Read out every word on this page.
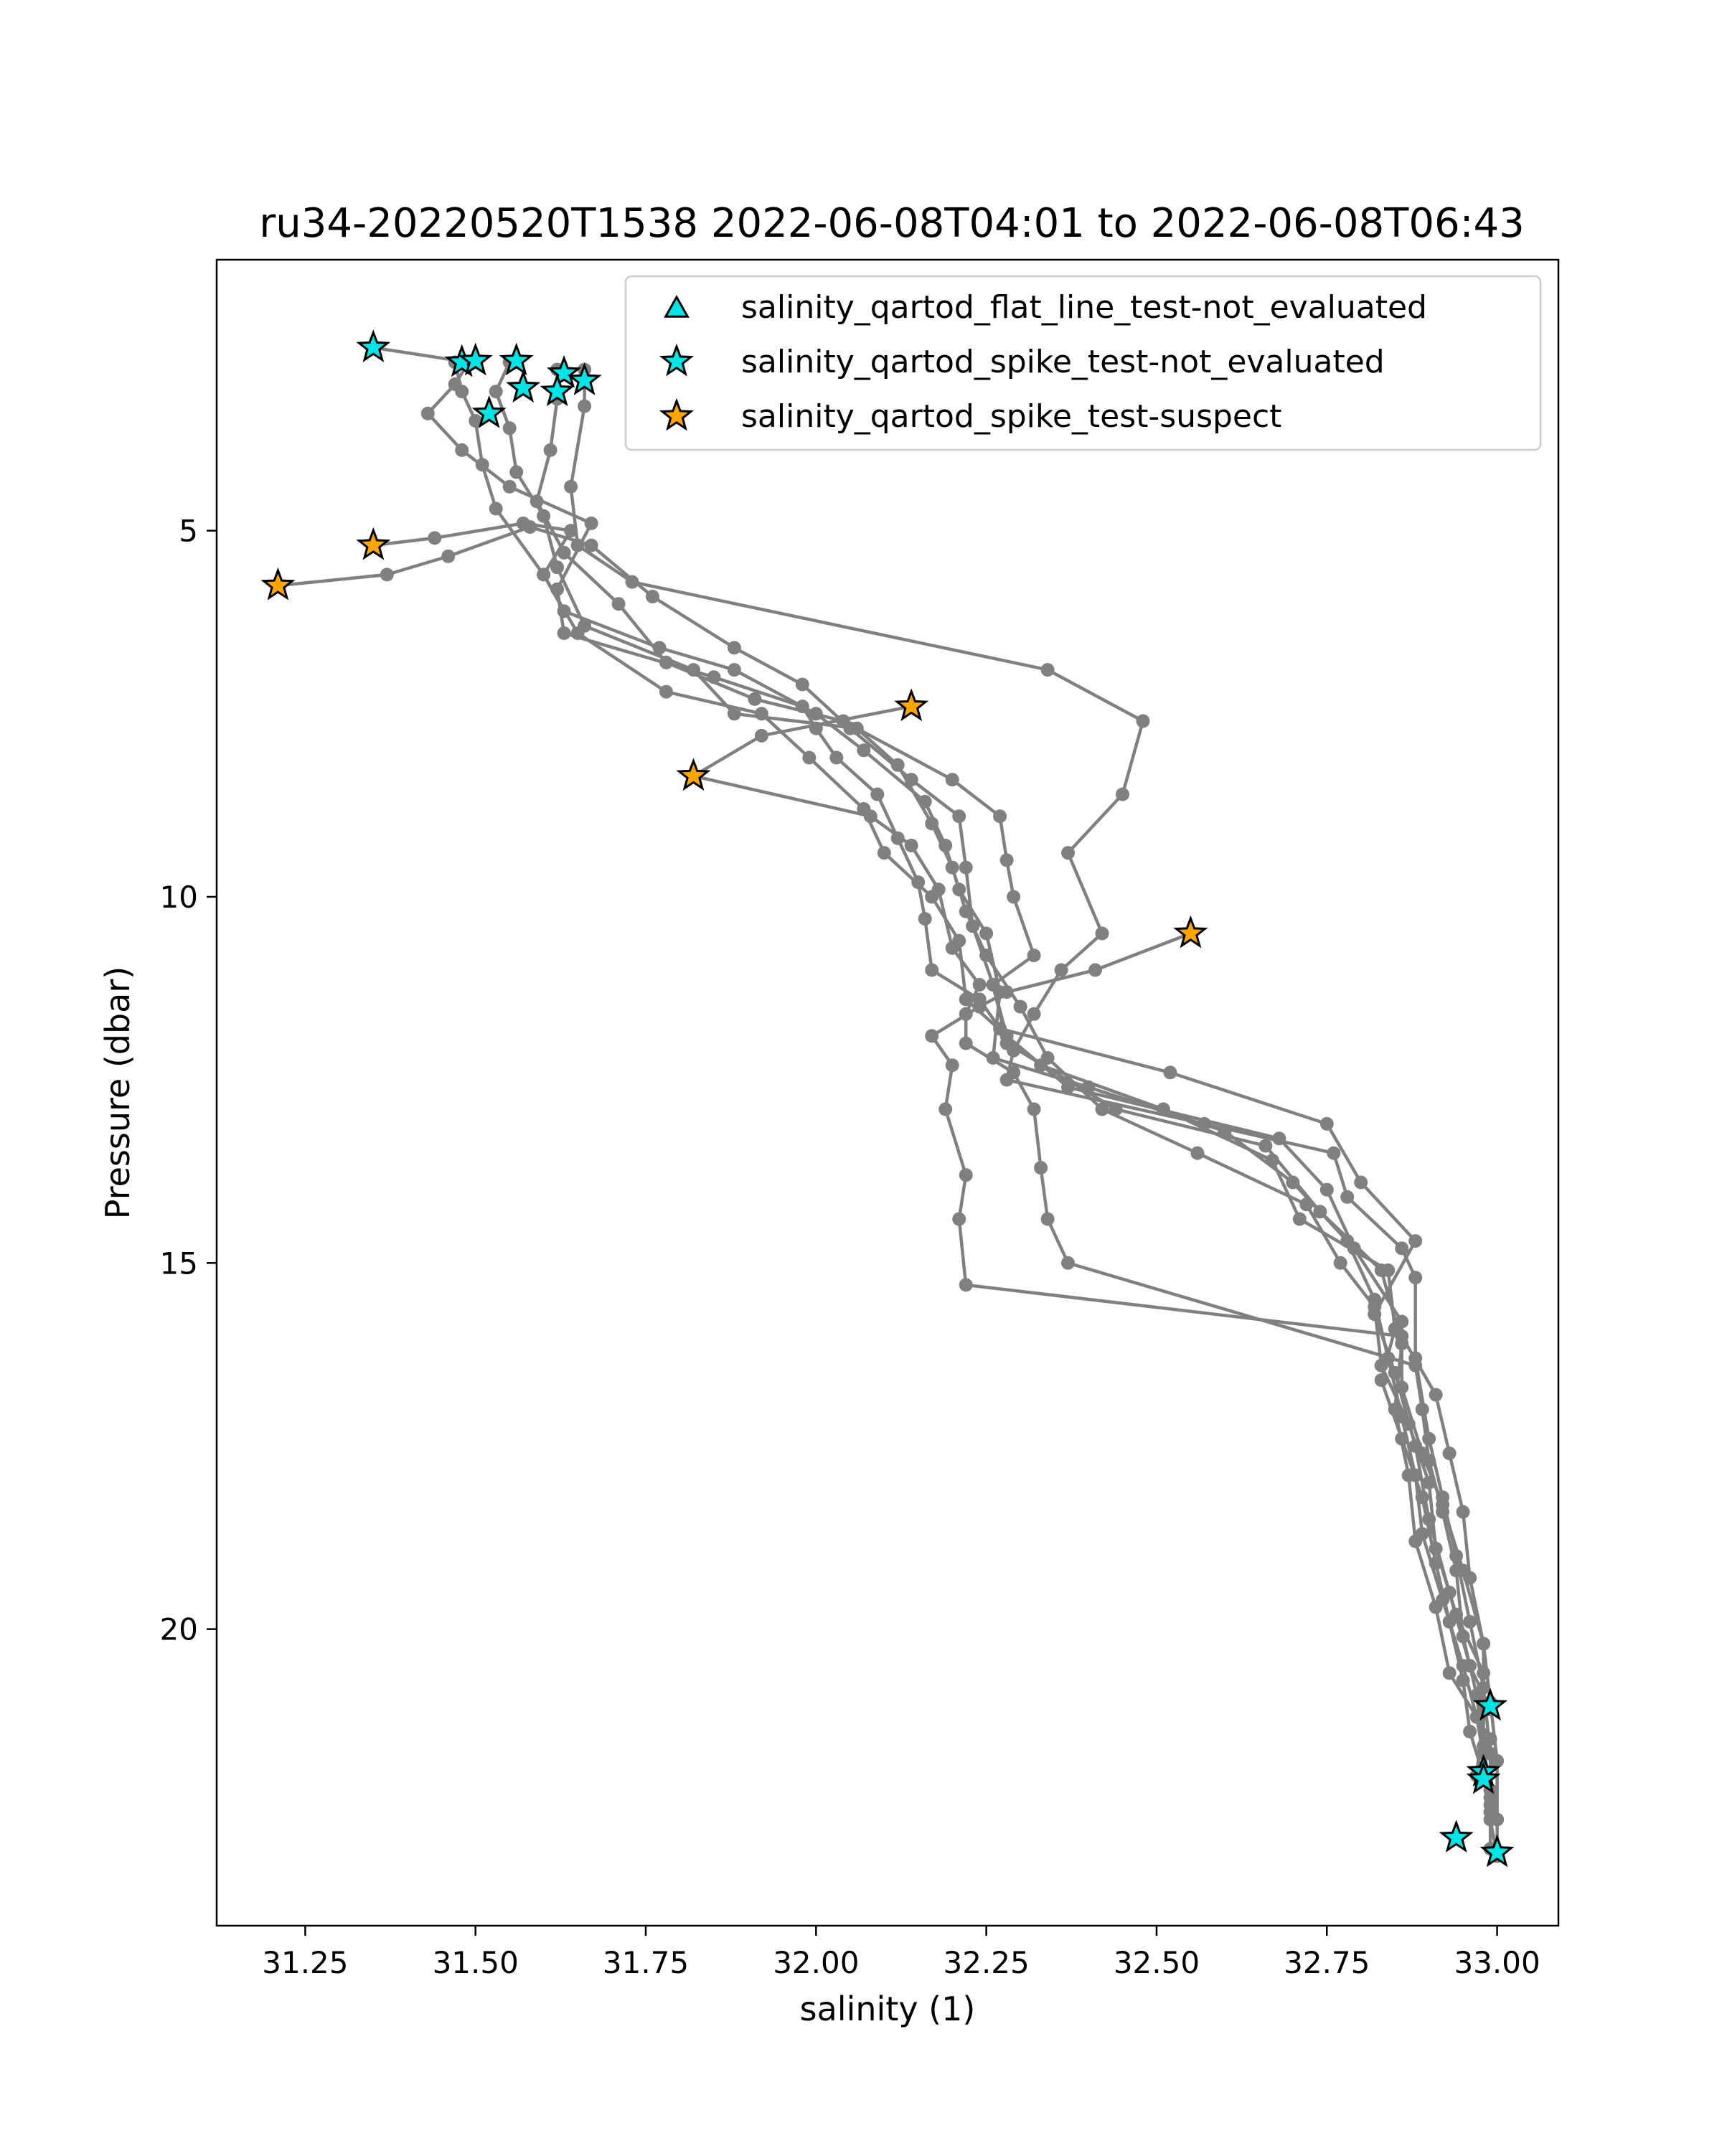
ru34-20220520T1538 2022-06-08T04:01 to 2022-06-08T06:43
31.25	31.50	31.75	32.00	32.25	32.50	32.75	33.00
5
10
15
20
salinity (1)
Pressure (dbar)
salinity_qartod_flat_line_test-not_evaluated
salinity_qartod_spike_test-not_evaluated
salinity_qartod_spike_test-suspect
